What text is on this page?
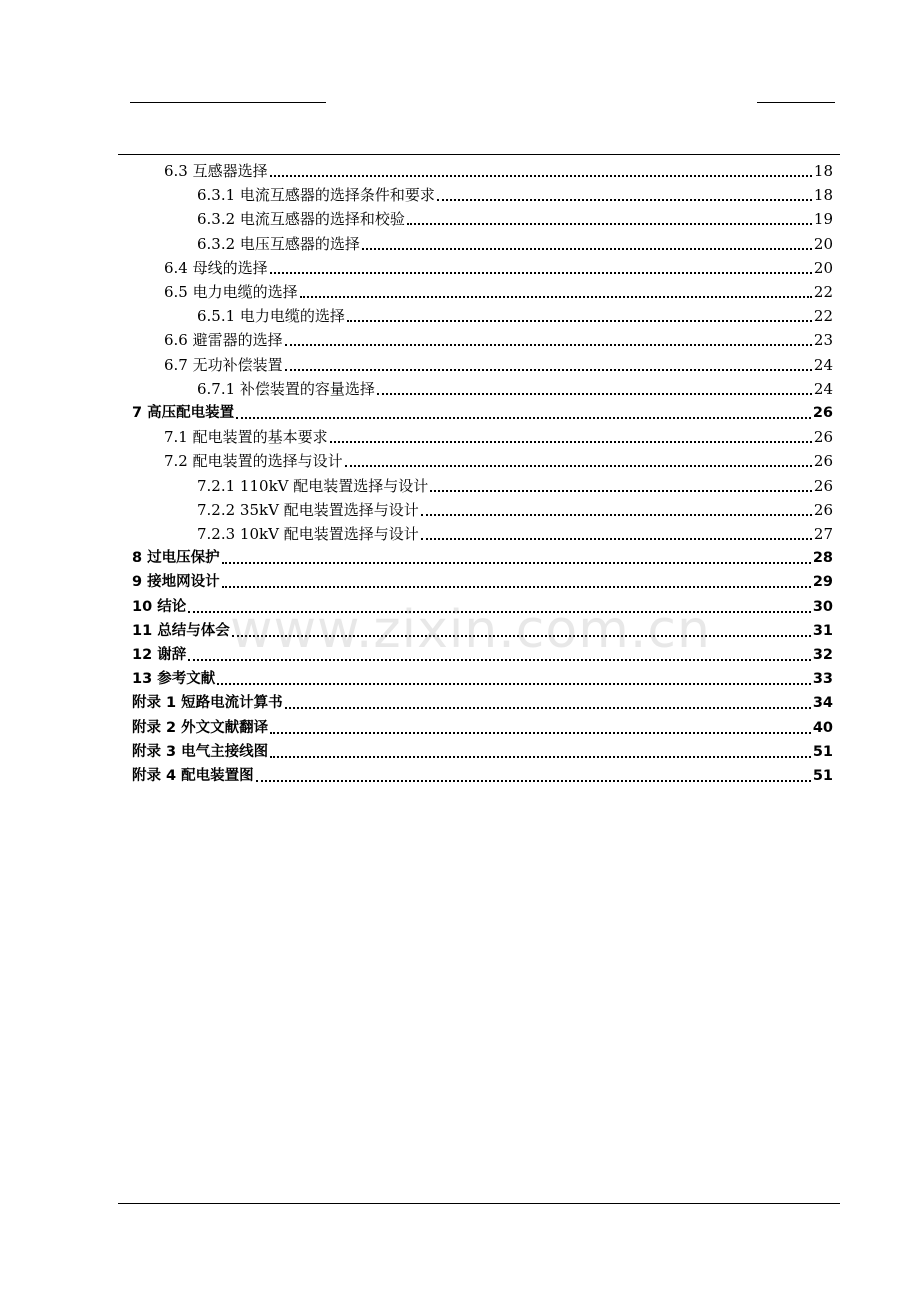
6.3 互感器选择	18
6.3.1 电流互感器的选择条件和要求	18
6.3.2 电流互感器的选择和校验	19
6.3.2 电压互感器的选择	20
6.4 母线的选择	20
6.5 电力电缆的选择	22
6.5.1 电力电缆的选择	22
6.6 避雷器的选择	23
6.7 无功补偿装置	24
6.7.1 补偿装置的容量选择	24
7 高压配电装置	26
7.1 配电装置的基本要求	26
7.2 配电装置的选择与设计	26
7.2.1 110kV 配电装置选择与设计	26
7.2.2 35kV 配电装置选择与设计	26
7.2.3 10kV 配电装置选择与设计	27
8 过电压保护	28
9 接地网设计	29
10 结论	30
11 总结与体会	31
12 谢辞	32
13 参考文献	33
附录 1 短路电流计算书	34
附录 2 外文文献翻译	40
附录 3 电气主接线图	51
附录 4 配电装置图	51
www.zixin.com.cn
